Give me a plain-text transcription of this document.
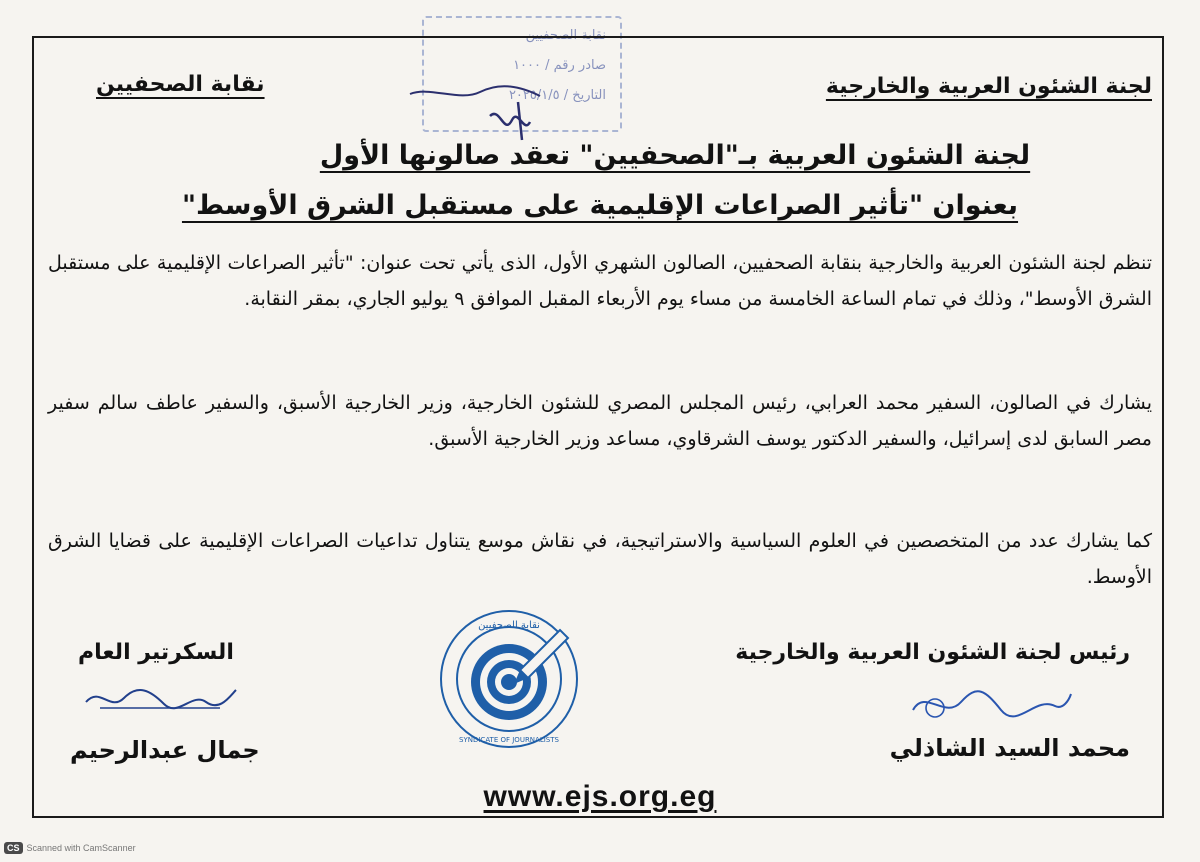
نقابة الصحفيين
صادر رقم / ١٠٠٠
التاريخ / ٢٠٢٥/١/٥	لجنة الشئون العربية والخارجية
نقابة الصحفيين
لجنة الشئون العربية بـ"الصحفيين" تعقد صالونها الأول
بعنوان "تأثير الصراعات الإقليمية على مستقبل الشرق الأوسط"
تنظم لجنة الشئون العربية والخارجية بنقابة الصحفيين، الصالون الشهري الأول، الذى يأتي تحت عنوان: "تأثير الصراعات الإقليمية على مستقبل الشرق الأوسط"، وذلك في تمام الساعة الخامسة من مساء يوم الأربعاء المقبل الموافق ٩ يوليو الجاري، بمقر النقابة.
يشارك في الصالون، السفير محمد العرابي، رئيس المجلس المصري للشئون الخارجية، وزير الخارجية الأسبق، والسفير عاطف سالم سفير مصر السابق لدى إسرائيل، والسفير الدكتور يوسف الشرقاوي، مساعد وزير الخارجية الأسبق.
كما يشارك عدد من المتخصصين في العلوم السياسية والاستراتيجية، في نقاش موسع يتناول تداعيات الصراعات الإقليمية على قضايا الشرق الأوسط.
رئيس لجنة الشئون العربية والخارجية
محمد السيد الشاذلي
السكرتير العام
جمال عبدالرحيم
نقابة الصحفيين
SYNDICATE OF JOURNALISTS
www.ejs.org.eg
CS Scanned with CamScanner
